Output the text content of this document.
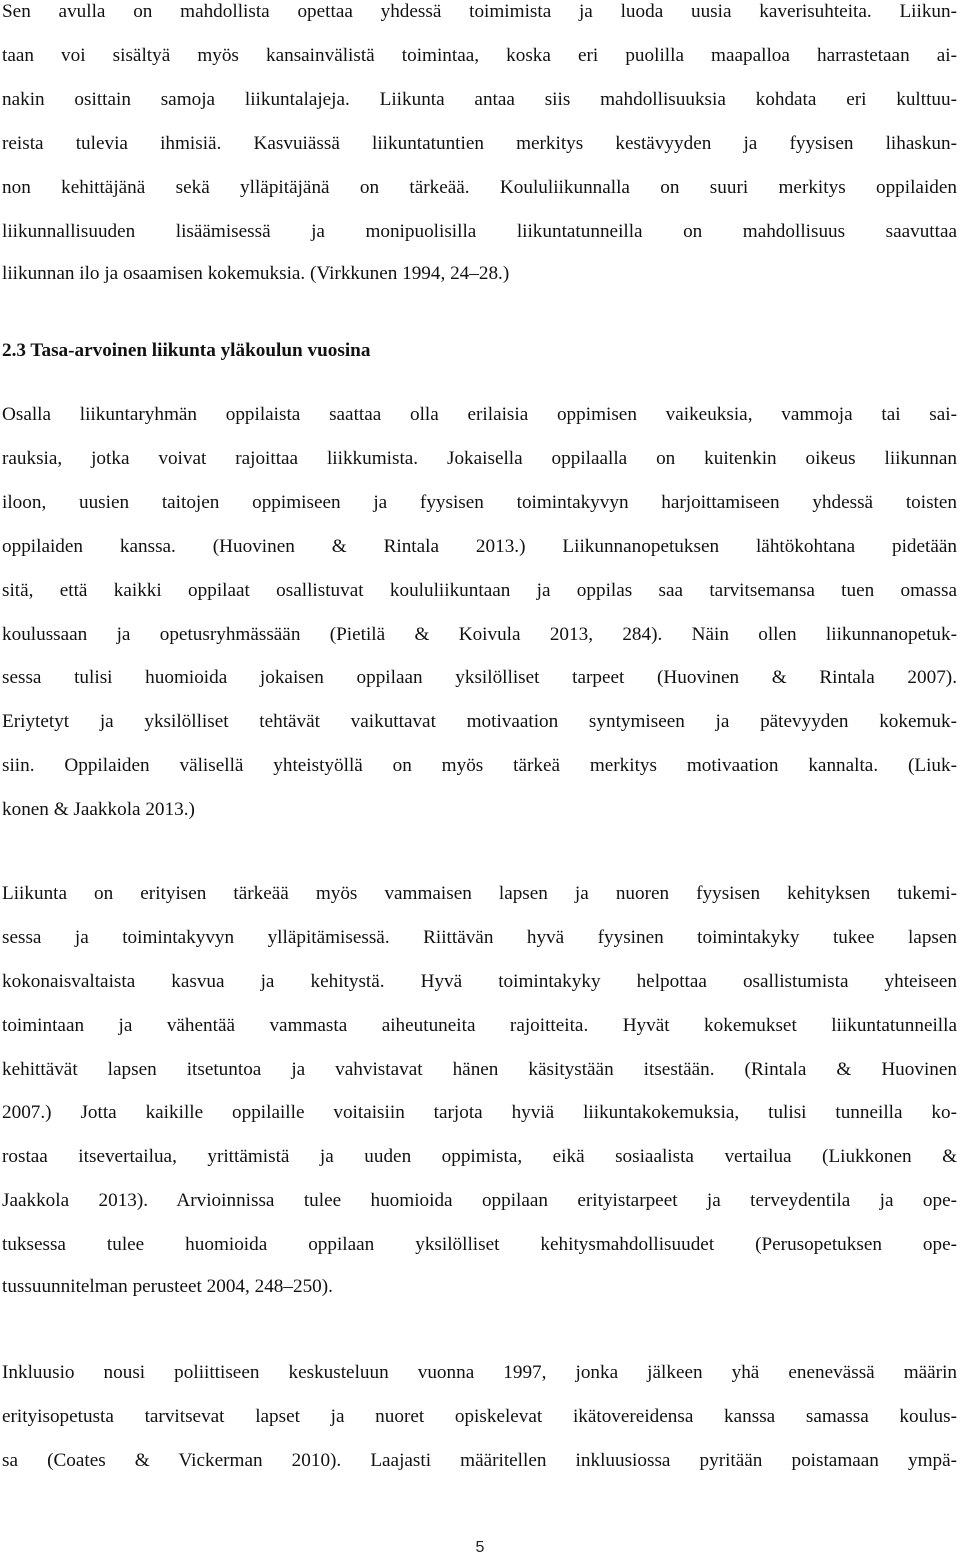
Sen avulla on mahdollista opettaa yhdessä toimimista ja luoda uusia kaverisuhteita. Liikun-
taan voi sisältyä myös kansainvälistä toimintaa, koska eri puolilla maapalloa harrastetaan ai-
nakin osittain samoja liikuntalajeja. Liikunta antaa siis mahdollisuuksia kohdata eri kulttuu-
reista tulevia ihmisiä. Kasvuiässä liikuntatuntien merkitys kestävyyden ja fyysisen lihaskun-
non kehittäjänä sekä ylläpitäjänä on tärkeää. Koululiikunnalla on suuri merkitys oppilaiden
liikunnallisuuden lisäämisessä ja monipuolisilla liikuntatunneilla on mahdollisuus saavuttaa
liikunnan ilo ja osaamisen kokemuksia. (Virkkunen 1994, 24–28.)
2.3 Tasa-arvoinen liikunta yläkoulun vuosina
Osalla liikuntaryhmän oppilaista saattaa olla erilaisia oppimisen vaikeuksia, vammoja tai sai-
rauksia, jotka voivat rajoittaa liikkumista. Jokaisella oppilaalla on kuitenkin oikeus liikunnan
iloon, uusien taitojen oppimiseen ja fyysisen toimintakyvyn harjoittamiseen yhdessä toisten
oppilaiden kanssa. (Huovinen & Rintala 2013.) Liikunnanopetuksen lähtökohtana pidetään
sitä, että kaikki oppilaat osallistuvat koululiikuntaan ja oppilas saa tarvitsemansa tuen omassa
koulussaan ja opetusryhmässään (Pietilä & Koivula 2013, 284). Näin ollen liikunnanopetuk-
sessa tulisi huomioida jokaisen oppilaan yksilölliset tarpeet (Huovinen & Rintala 2007).
Eriytetyt ja yksilölliset tehtävät vaikuttavat motivaation syntymiseen ja pätevyyden kokemuk-
siin. Oppilaiden välisellä yhteistyöllä on myös tärkeä merkitys motivaation kannalta. (Liuk-
konen & Jaakkola 2013.)
Liikunta on erityisen tärkeää myös vammaisen lapsen ja nuoren fyysisen kehityksen tukemi-
sessa ja toimintakyvyn ylläpitämisessä. Riittävän hyvä fyysinen toimintakyky tukee lapsen
kokonaisvaltaista kasvua ja kehitystä. Hyvä toimintakyky helpottaa osallistumista yhteiseen
toimintaan ja vähentää vammasta aiheutuneita rajoitteita. Hyvät kokemukset liikuntatunneilla
kehittävät lapsen itsetuntoa ja vahvistavat hänen käsitystään itsestään. (Rintala & Huovinen
2007.) Jotta kaikille oppilaille voitaisiin tarjota hyviä liikuntakokemuksia, tulisi tunneilla ko-
rostaa itsevertailua, yrittämistä ja uuden oppimista, eikä sosiaalista vertailua (Liukkonen &
Jaakkola 2013). Arvioinnissa tulee huomioida oppilaan erityistarpeet ja terveydentila ja ope-
tuksessa tulee huomioida oppilaan yksilölliset kehitysmahdollisuudet (Perusopetuksen ope-
tussuunnitelman perusteet 2004, 248–250).
Inkluusio nousi poliittiseen keskusteluun vuonna 1997, jonka jälkeen yhä enenevässä määrin
erityisopetusta tarvitsevat lapset ja nuoret opiskelevat ikätovereidensa kanssa samassa koulus-
sa (Coates & Vickerman 2010). Laajasti määritellen inkluusiossa pyritään poistamaan ympä-
5
